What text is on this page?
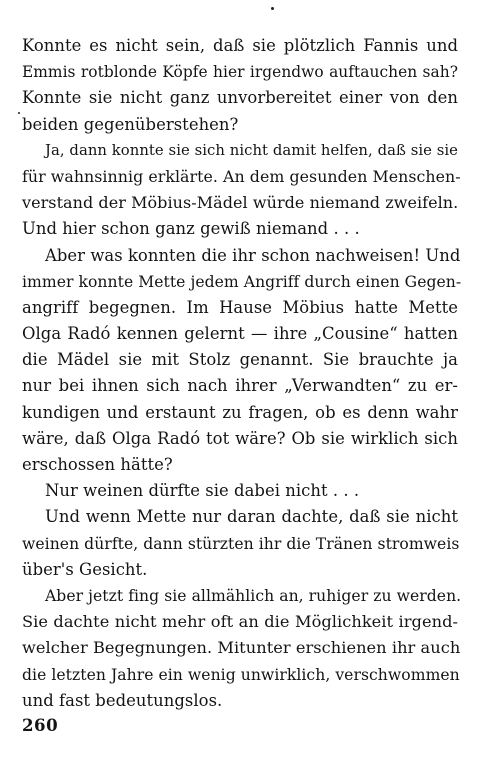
Konnte es nicht sein, daß sie plötzlich Fannis und
Emmis rotblonde Köpfe hier irgendwo auftauchen sah?
Konnte sie nicht ganz unvorbereitet einer von den
beiden gegenüberstehen?
Ja, dann konnte sie sich nicht damit helfen, daß sie sie
für wahnsinnig erklärte. An dem gesunden Menschen-
verstand der Möbius-Mädel würde niemand zweifeln.
Und hier schon ganz gewiß niemand . . .
Aber was konnten die ihr schon nachweisen! Und
immer konnte Mette jedem Angriff durch einen Gegen-
angriff begegnen. Im Hause Möbius hatte Mette
Olga Radó kennen gelernt — ihre „Cousine“ hatten
die Mädel sie mit Stolz genannt. Sie brauchte ja
nur bei ihnen sich nach ihrer „Verwandten“ zu er-
kundigen und erstaunt zu fragen, ob es denn wahr
wäre, daß Olga Radó tot wäre? Ob sie wirklich sich
erschossen hätte?
Nur weinen dürfte sie dabei nicht . . .
Und wenn Mette nur daran dachte, daß sie nicht
weinen dürfte, dann stürzten ihr die Tränen stromweis
über's Gesicht.
Aber jetzt fing sie allmählich an, ruhiger zu werden.
Sie dachte nicht mehr oft an die Möglichkeit irgend-
welcher Begegnungen. Mitunter erschienen ihr auch
die letzten Jahre ein wenig unwirklich, verschwommen
und fast bedeutungslos.
260
